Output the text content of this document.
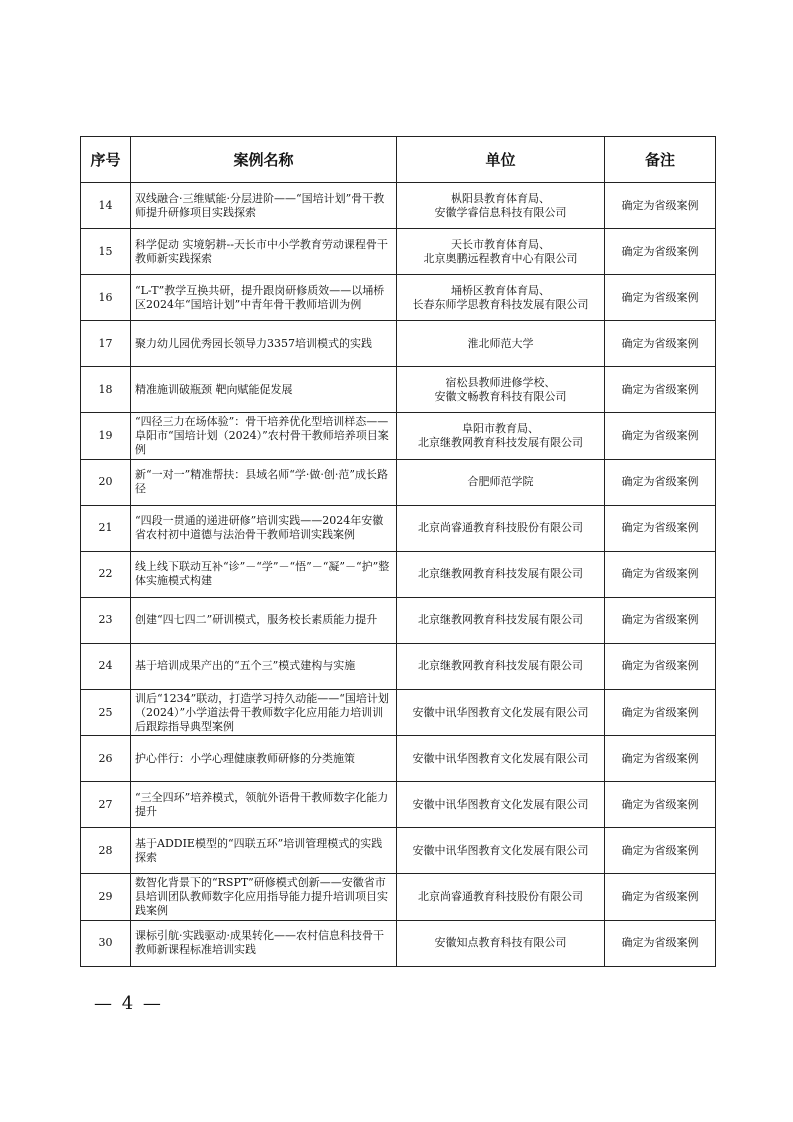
序号	案例名称	单位	备注
14	双线融合·三维赋能·分层进阶——“国培计划”骨干教师提升研修项目实践探索	枞阳县教育体育局、
安徽学睿信息科技有限公司	确定为省级案例
15	科学促动 实境躬耕--天长市中小学教育劳动课程骨干教师新实践探索	天长市教育体育局、
北京奥鹏远程教育中心有限公司	确定为省级案例
16	“L-T”教学互换共研，提升跟岗研修质效——以埇桥区2024年“国培计划”中青年骨干教师培训为例	埇桥区教育体育局、
长春东师学思教育科技发展有限公司	确定为省级案例
17	聚力幼儿园优秀园长领导力3357培训模式的实践	淮北师范大学	确定为省级案例
18	精准施训破瓶颈 靶向赋能促发展	宿松县教师进修学校、
安徽文畅教育科技有限公司	确定为省级案例
19	“四径三力在场体验”：骨干培养优化型培训样态——阜阳市“国培计划（2024）”农村骨干教师培养项目案例	阜阳市教育局、
北京继教网教育科技发展有限公司	确定为省级案例
20	新“一对一”精准帮扶：县域名师“学·做·创·范”成长路径	合肥师范学院	确定为省级案例
21	“四段一贯通的递进研修”培训实践——2024年安徽省农村初中道德与法治骨干教师培训实践案例	北京尚睿通教育科技股份有限公司	确定为省级案例
22	线上线下联动互补“诊”－“学”－“悟”－“凝”－“护”整体实施模式构建	北京继教网教育科技发展有限公司	确定为省级案例
23	创建“四七四二”研训模式，服务校长素质能力提升	北京继教网教育科技发展有限公司	确定为省级案例
24	基于培训成果产出的“五个三”模式建构与实施	北京继教网教育科技发展有限公司	确定为省级案例
25	训后“1234”联动，打造学习持久动能——“国培计划（2024）”小学道法骨干教师数字化应用能力培训训后跟踪指导典型案例	安徽中讯华图教育文化发展有限公司	确定为省级案例
26	护心伴行：小学心理健康教师研修的分类施策	安徽中讯华图教育文化发展有限公司	确定为省级案例
27	“三全四环”培养模式，领航外语骨干教师数字化能力提升	安徽中讯华图教育文化发展有限公司	确定为省级案例
28	基于ADDIE模型的“四联五环”培训管理模式的实践探索	安徽中讯华图教育文化发展有限公司	确定为省级案例
29	数智化背景下的“RSPT”研修模式创新——安徽省市县培训团队教师数字化应用指导能力提升培训项目实践案例	北京尚睿通教育科技股份有限公司	确定为省级案例
30	课标引航·实践驱动·成果转化——农村信息科技骨干教师新课程标准培训实践	安徽知点教育科技有限公司	确定为省级案例
— 4 —
